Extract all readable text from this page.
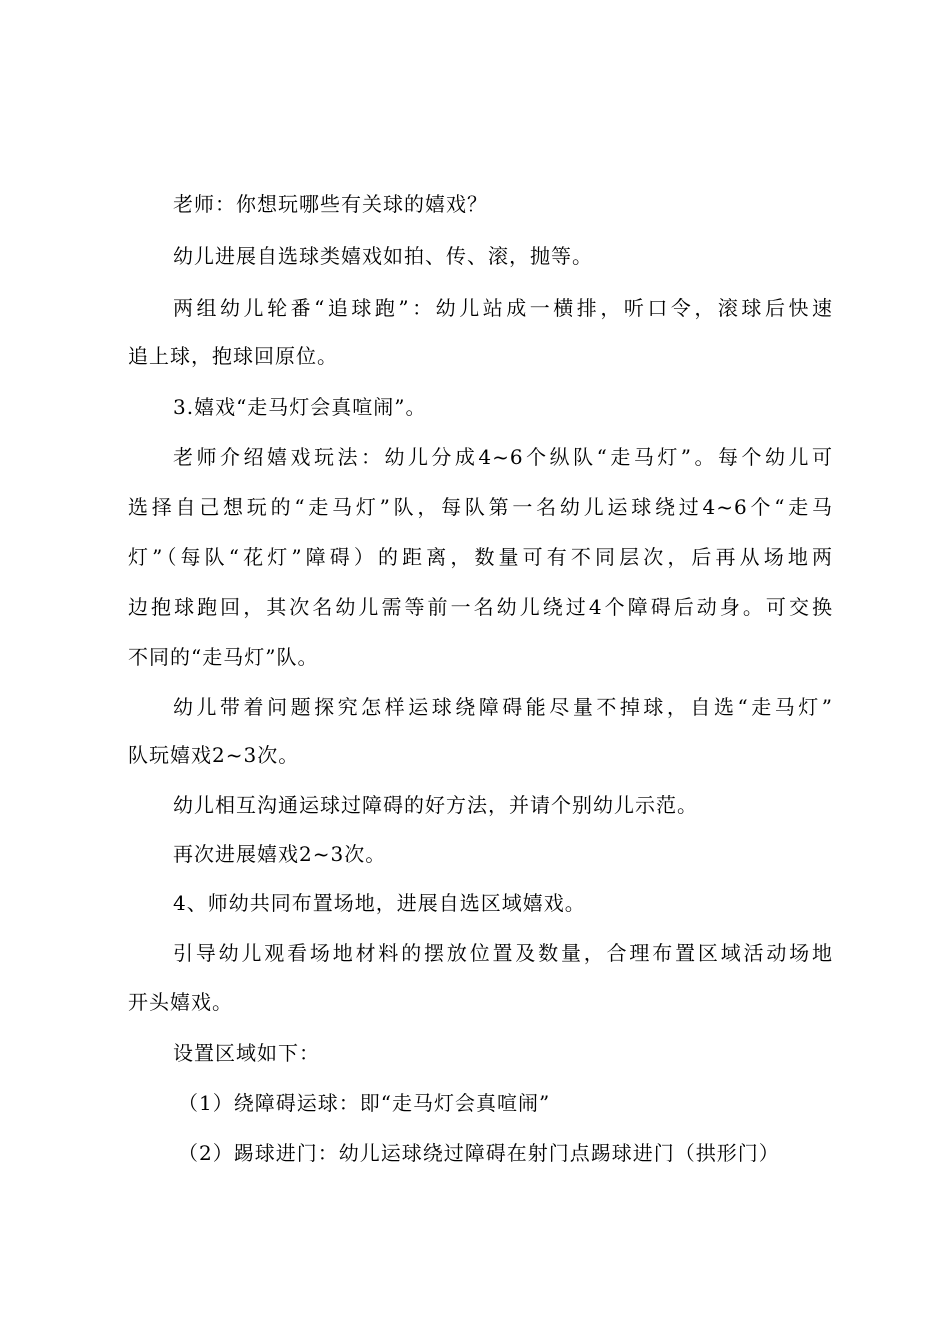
老师：你想玩哪些有关球的嬉戏？

幼儿进展自选球类嬉戏如拍、传、滚，抛等。

两组幼儿轮番“追球跑”：幼儿站成一横排，听口令，滚球后快速

追上球，抱球回原位。

3.嬉戏“走马灯会真喧闹”。

老师介绍嬉戏玩法：幼儿分成4~6个纵队“走马灯”。每个幼儿可

选择自己想玩的“走马灯”队，每队第一名幼儿运球绕过4~6个“走马

灯”（每队“花灯”障碍）的距离，数量可有不同层次，后再从场地两

边抱球跑回，其次名幼儿需等前一名幼儿绕过4个障碍后动身。可交换

不同的“走马灯”队。

幼儿带着问题探究怎样运球绕障碍能尽量不掉球，自选“走马灯”

队玩嬉戏2~3次。

幼儿相互沟通运球过障碍的好方法，并请个别幼儿示范。

再次进展嬉戏2~3次。

4、师幼共同布置场地，进展自选区域嬉戏。

引导幼儿观看场地材料的摆放位置及数量，合理布置区域活动场地

开头嬉戏。

设置区域如下：

（1）绕障碍运球：即“走马灯会真喧闹”

（2）踢球进门：幼儿运球绕过障碍在射门点踢球进门（拱形门）
